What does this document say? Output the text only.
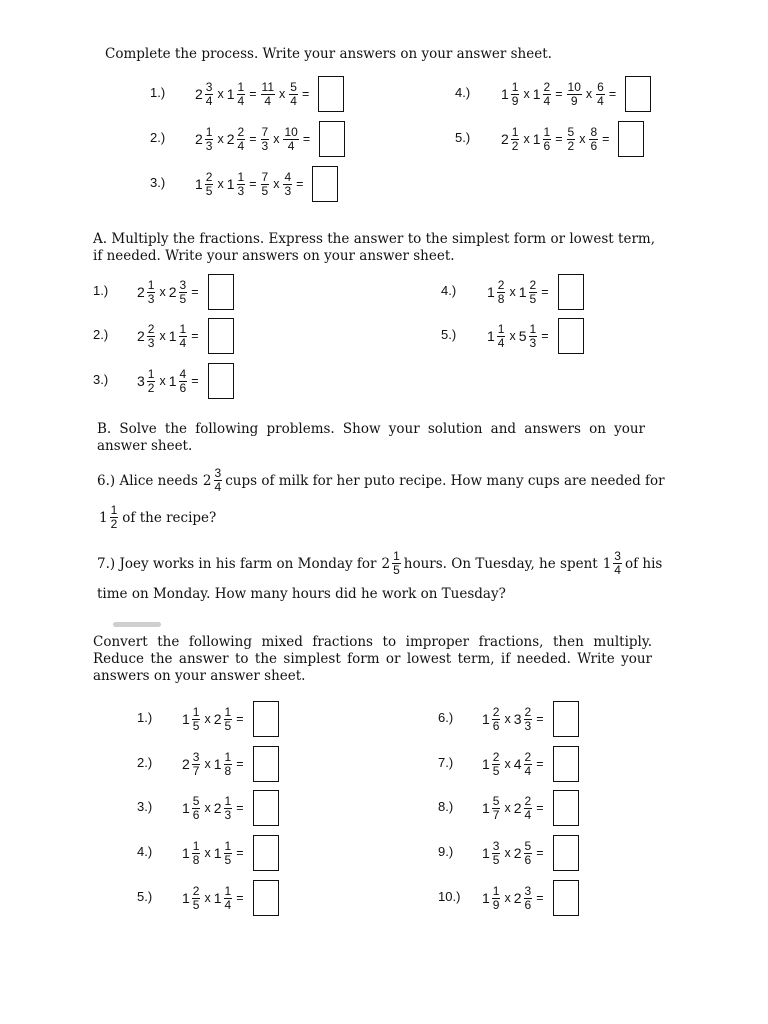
Complete the process. Write your answers on your answer sheet.
1.) $2 \frac{3}{4}$ x $1 \frac{1}{4} = \frac{11}{4}$ x $\frac{5}{4}$ =
2.) $2 \frac{1}{3}$ x $2 \frac{2}{4} = \frac{7}{3}$ x $\frac{10}{4}$ =
3.) $1 \frac{2}{5}$ x $1 \frac{1}{3} = \frac{7}{5}$ x $\frac{4}{3}$ =
4.) $1 \frac{1}{9}$ x $1 \frac{2}{4} = \frac{10}{9}$ x $\frac{6}{4}$ =
5.) $2 \frac{1}{2}$ x $1 \frac{1}{6} = \frac{5}{2}$ x $\frac{8}{6}$ =
A. Multiply the fractions. Express the answer to the simplest form or lowest term, if needed. Write your answers on your answer sheet.
1.) $2 \frac{1}{3}$ x $2 \frac{3}{5}$ =
2.) $2 \frac{2}{3}$ x $1 \frac{1}{4}$ =
3.) $3 \frac{1}{2}$ x $1 \frac{4}{6}$ =
4.) $1 \frac{2}{8}$ x $1 \frac{2}{5}$ =
5.) $1 \frac{1}{4}$ x $5 \frac{1}{3}$ =
B. Solve the following problems. Show your solution and answers on your answer sheet.
6.) Alice needs $2 \frac{3}{4}$ cups of milk for her puto recipe. How many cups are needed for
$1 \frac{1}{2}$ of the recipe?
7.) Joey works in his farm on Monday for $2 \frac{1}{5}$ hours. On Tuesday, he spent $1 \frac{3}{4}$ of his
time on Monday. How many hours did he work on Tuesday?
Convert the following mixed fractions to improper fractions, then multiply. Reduce the answer to the simplest form or lowest term, if needed. Write your answers on your answer sheet.
1.) $1 \frac{1}{5}$ x $2 \frac{1}{5}$ =
2.) $2 \frac{3}{7}$ x $1 \frac{1}{8}$ =
3.) $1 \frac{5}{6}$ x $2 \frac{1}{3}$ =
4.) $1 \frac{1}{8}$ x $1 \frac{1}{5}$ =
5.) $1 \frac{2}{5}$ x $1 \frac{1}{4}$ =
6.) $1 \frac{2}{6}$ x $3 \frac{2}{3}$ =
7.) $1 \frac{2}{5}$ x $4 \frac{2}{4}$ =
8.) $1 \frac{5}{7}$ x $2 \frac{2}{4}$ =
9.) $1 \frac{3}{5}$ x $2 \frac{5}{6}$ =
10.) $1 \frac{1}{9}$ x $2 \frac{3}{6}$ =
